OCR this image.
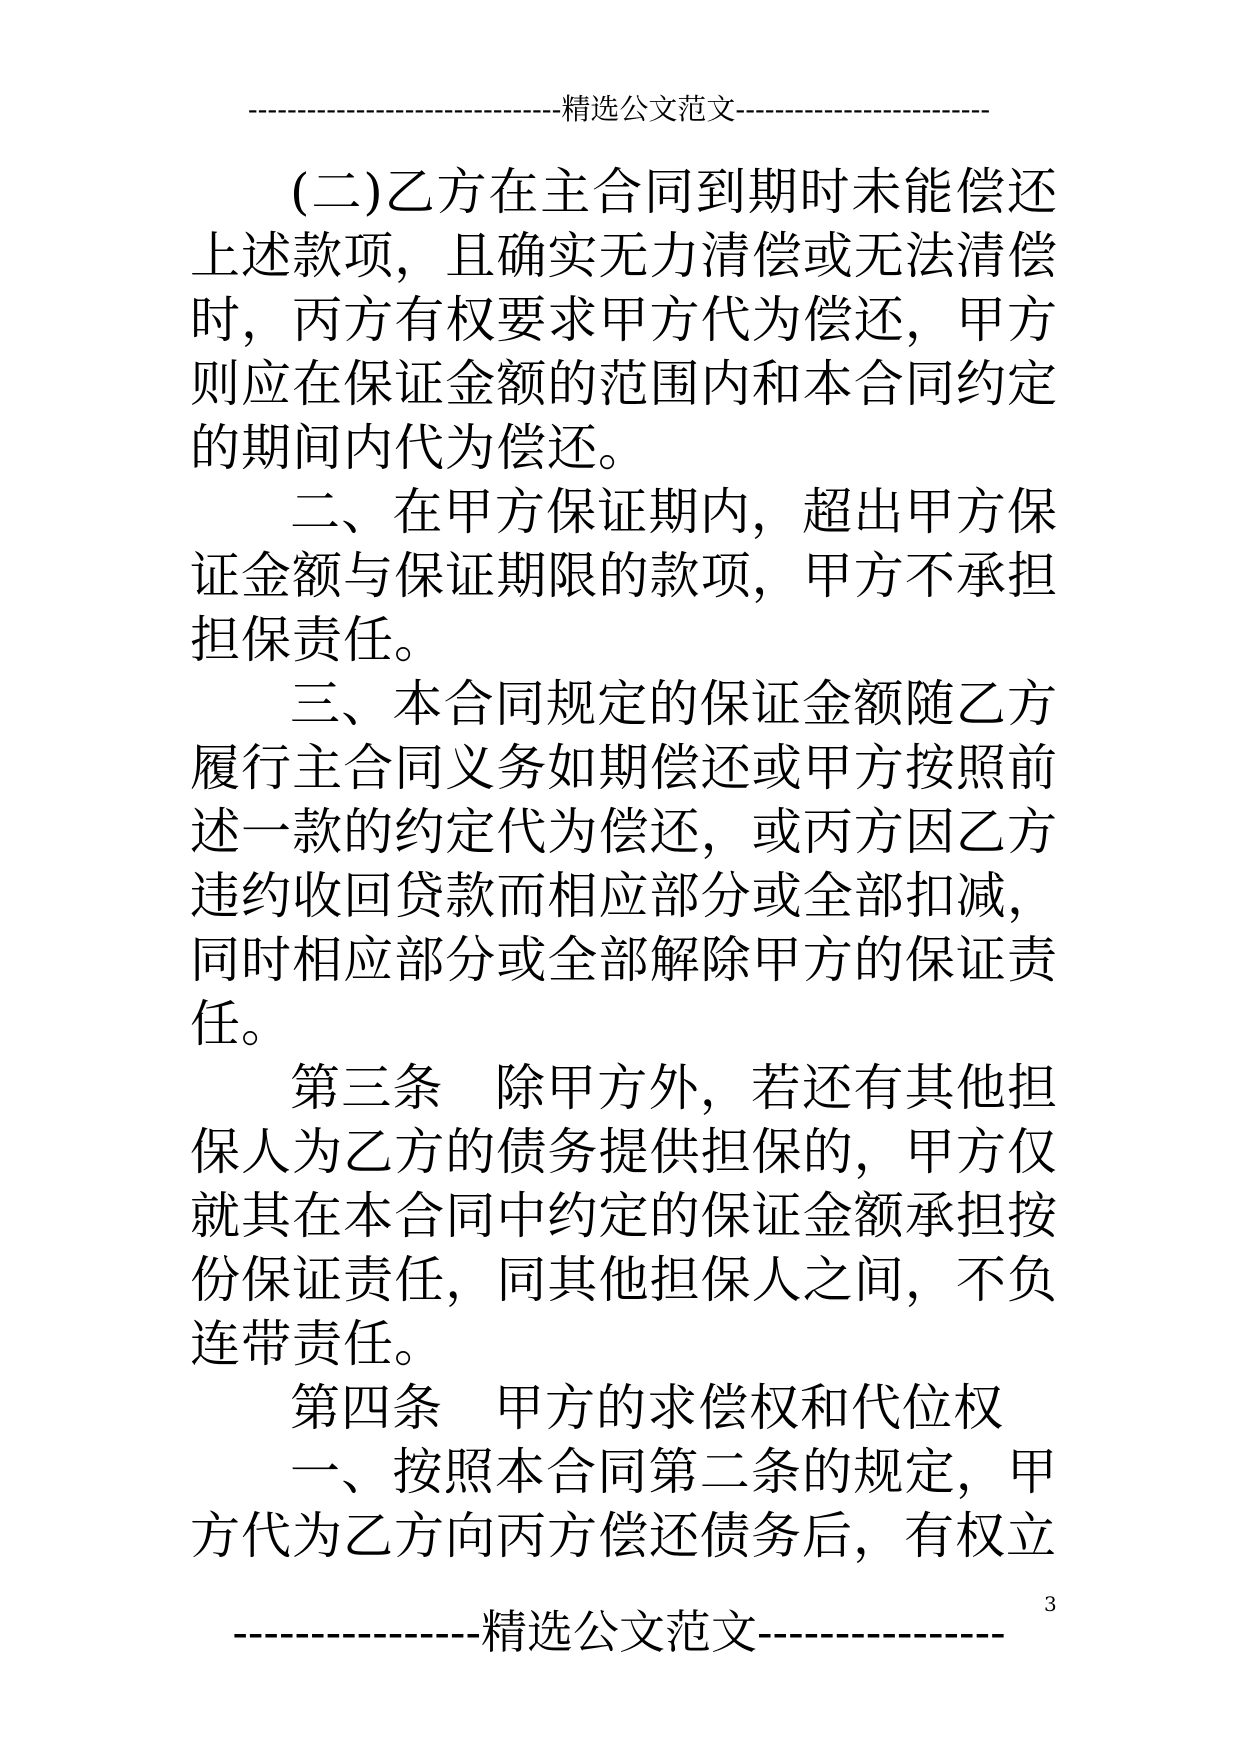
--------------------------------精选公文范文--------------------------

(二)乙方在主合同到期时未能偿还上述款项，且确实无力清偿或无法清偿时，丙方有权要求甲方代为偿还，甲方则应在保证金额的范围内和本合同约定的期间内代为偿还。

二、在甲方保证期内，超出甲方保证金额与保证期限的款项，甲方不承担担保责任。

三、本合同规定的保证金额随乙方履行主合同义务如期偿还或甲方按照前述一款的约定代为偿还，或丙方因乙方违约收回贷款而相应部分或全部扣减，同时相应部分或全部解除甲方的保证责任。

第三条　除甲方外，若还有其他担保人为乙方的债务提供担保的，甲方仅就其在本合同中约定的保证金额承担按份保证责任，同其他担保人之间，不负连带责任。

第四条　甲方的求偿权和代位权

一、按照本合同第二条的规定，甲方代为乙方向丙方偿还债务后，有权立

----------------精选公文范文----------------
3
